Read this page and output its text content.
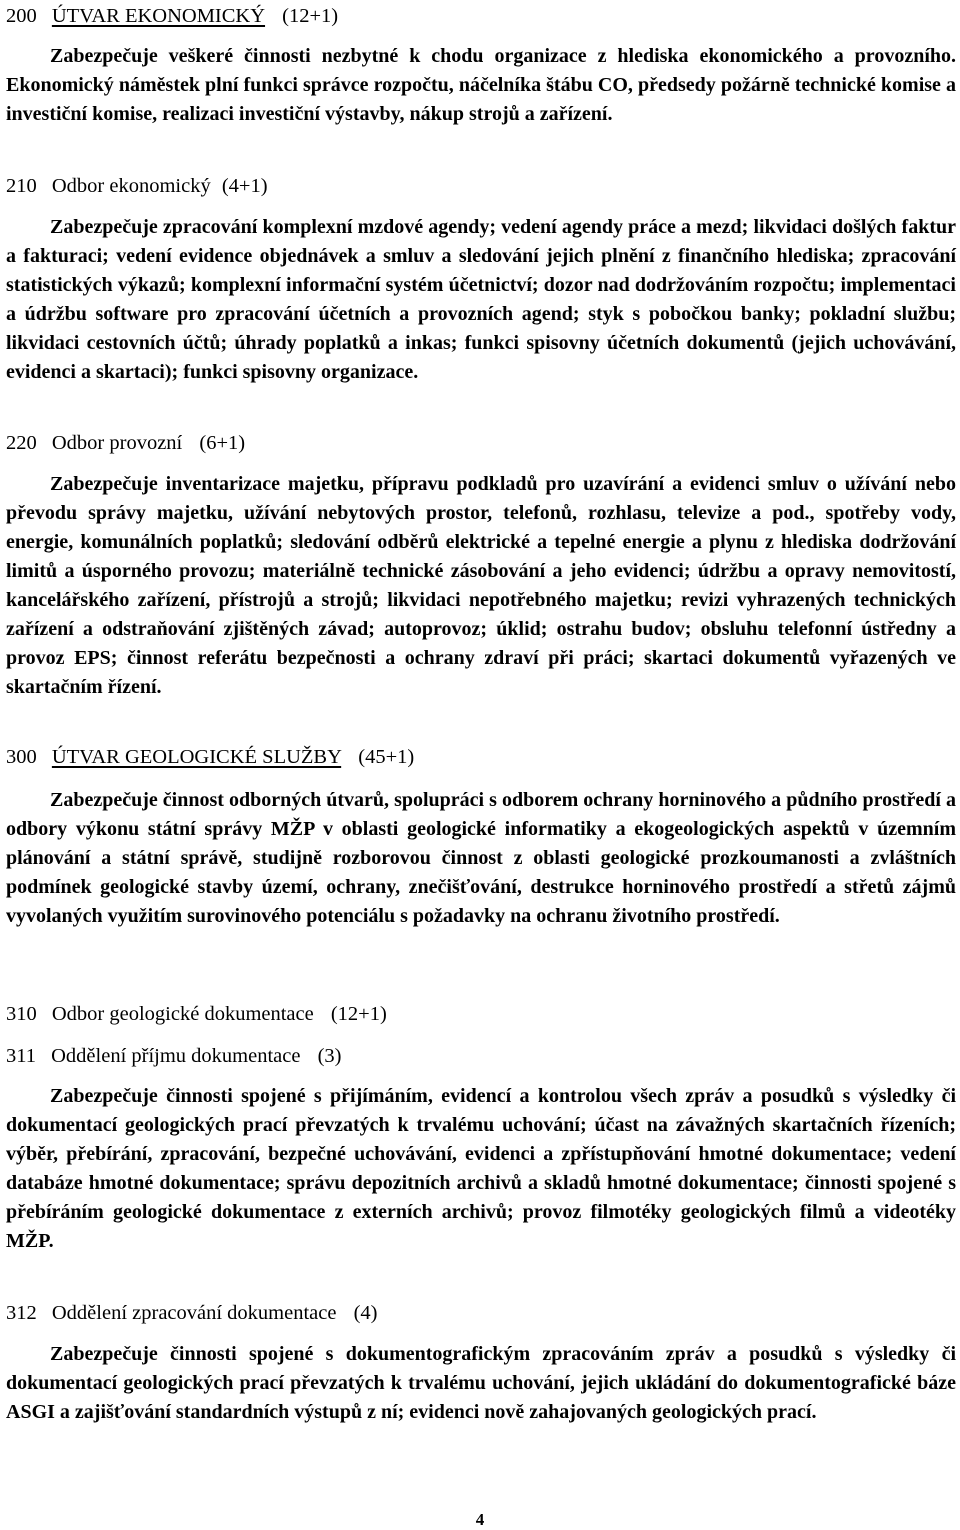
200 ÚTVAR EKONOMICKÝ (12+1)
Zabezpečuje veškeré činnosti nezbytné k chodu organizace z hlediska ekonomického a provozního. Ekonomický náměstek plní funkci správce rozpočtu, náčelníka štábu CO, předsedy požárně technické komise a investiční komise, realizaci investiční výstavby, nákup strojů a zařízení.
210 Odbor ekonomický (4+1)
Zabezpečuje zpracování komplexní mzdové agendy; vedení agendy práce a mezd; likvidaci došlých faktur a fakturaci; vedení evidence objednávek a smluv a sledování jejich plnění z finančního hlediska; zpracování statistických výkazů; komplexní informační systém účetnictví; dozor nad dodržováním rozpočtu; implementaci a údržbu software pro zpracování účetních a provozních agend; styk s pobočkou banky; pokladní službu; likvidaci cestovních účtů; úhrady poplatků a inkas; funkci spisovny účetních dokumentů (jejich uchovávání, evidenci a skartaci); funkci spisovny organizace.
220 Odbor provozní (6+1)
Zabezpečuje inventarizace majetku, přípravu podkladů pro uzavírání a evidenci smluv o užívání nebo převodu správy majetku, užívání nebytových prostor, telefonů, rozhlasu, televize a pod., spotřeby vody, energie, komunálních poplatků; sledování odběrů elektrické a tepelné energie a plynu z hlediska dodržování limitů a úsporného provozu; materiálně technické zásobování a jeho evidenci; údržbu a opravy nemovitostí, kancelářského zařízení, přístrojů a strojů; likvidaci nepotřebného majetku; revizi vyhrazených technických zařízení a odstraňování zjištěných závad; autoprovoz; úklid; ostrahu budov; obsluhu telefonní ústředny a provoz EPS; činnost referátu bezpečnosti a ochrany zdraví při práci; skartaci dokumentů vyřazených ve skartačním řízení.
300 ÚTVAR GEOLOGICKÉ SLUŽBY (45+1)
Zabezpečuje činnost odborných útvarů, spolupráci s odborem ochrany horninového a půdního prostředí a odbory výkonu státní správy MŽP v oblasti geologické informatiky a ekogeologických aspektů v územním plánování a státní správě, studijně rozborovou činnost z oblasti geologické prozkoumanosti a zvláštních podmínek geologické stavby území, ochrany, znečišťování, destrukce horninového prostředí a střetů zájmů vyvolaných využitím surovinového potenciálu s požadavky na ochranu životního prostředí.
310 Odbor geologické dokumentace (12+1)
311 Oddělení příjmu dokumentace (3)
Zabezpečuje činnosti spojené s přijímáním, evidencí a kontrolou všech zpráv a posudků s výsledky či dokumentací geologických prací převzatých k trvalému uchování; účast na závažných skartačních řízeních; výběr, přebírání, zpracování, bezpečné uchovávání, evidenci a zpřístupňování hmotné dokumentace; vedení databáze hmotné dokumentace; správu depozitních archivů a skladů hmotné dokumentace; činnosti spojené s přebíráním geologické dokumentace z externích archivů; provoz filmotéky geologických filmů a videotéky MŽP.
312 Oddělení zpracování dokumentace (4)
Zabezpečuje činnosti spojené s dokumentografickým zpracováním zpráv a posudků s výsledky či dokumentací geologických prací převzatých k trvalému uchování, jejich ukládání do dokumentografické báze ASGI a zajišťování standardních výstupů z ní; evidenci nově zahajovaných geologických prací.
4
